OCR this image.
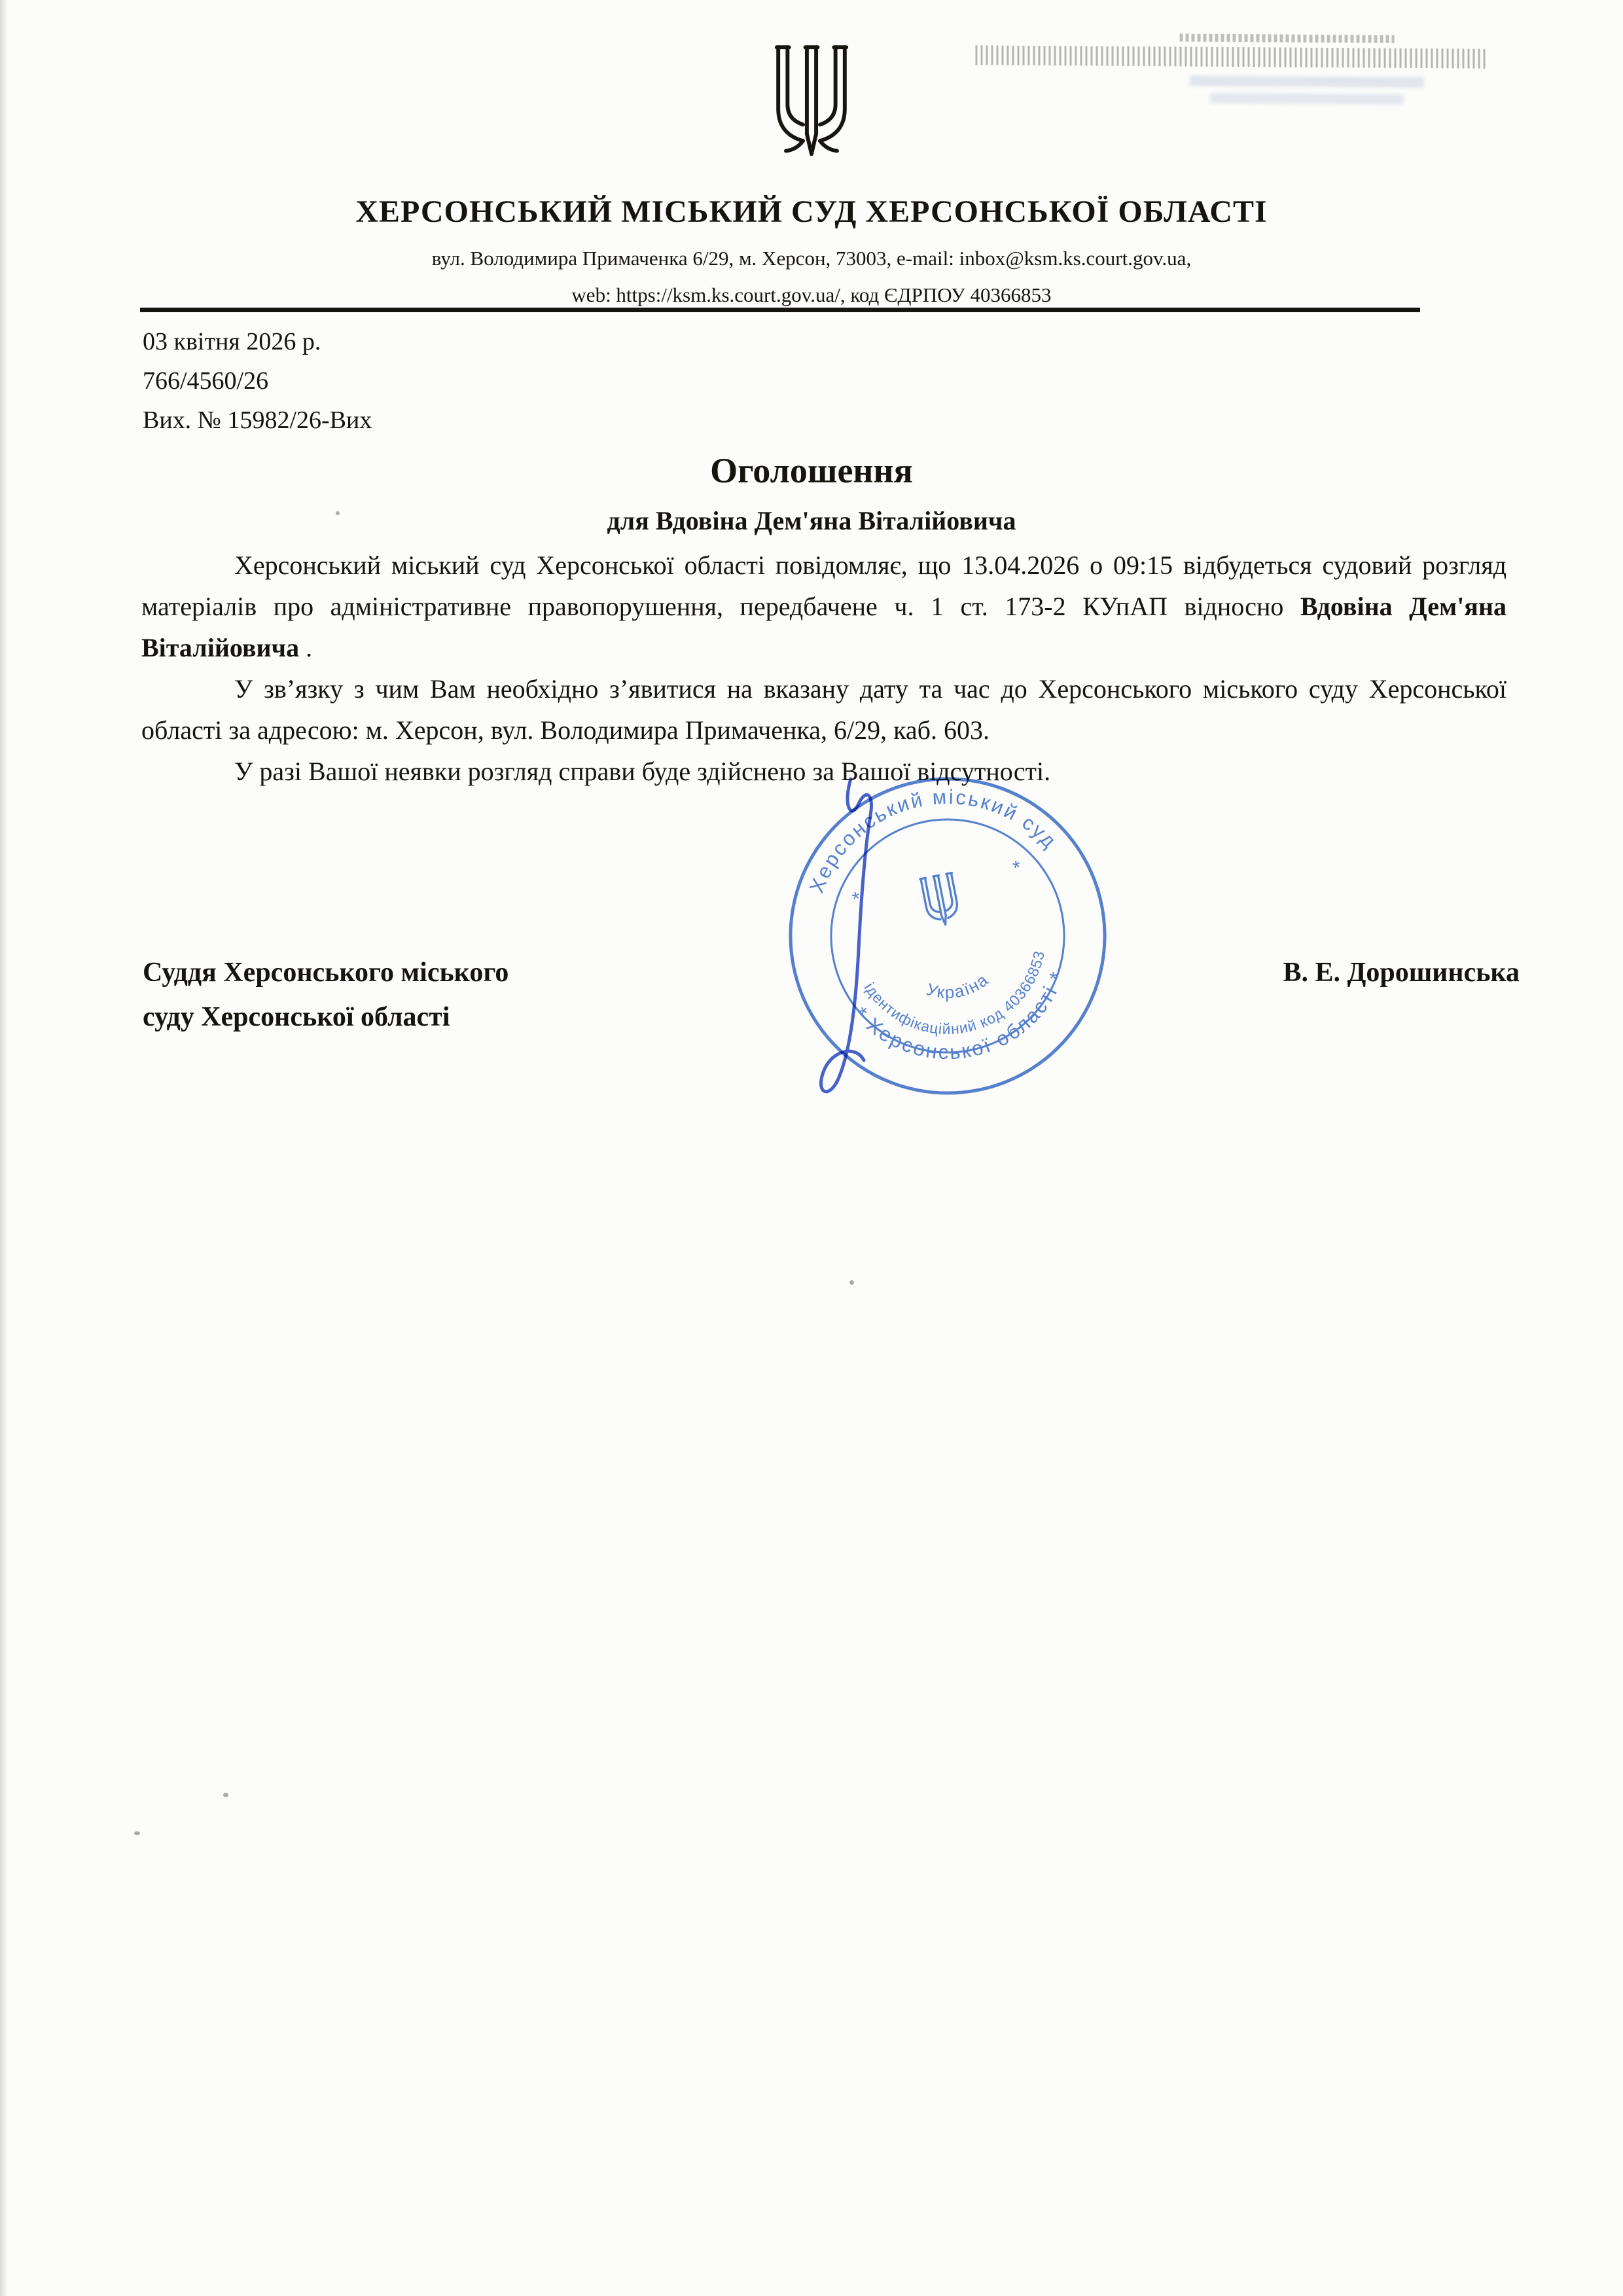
ХЕРСОНСЬКИЙ МІСЬКИЙ СУД ХЕРСОНСЬКОЇ ОБЛАСТІ
вул. Володимира Примаченка 6/29, м. Херсон, 73003, e-mail: inbox@ksm.ks.court.gov.ua,
web: https://ksm.ks.court.gov.ua/, код ЄДРПОУ 40366853
03 квітня 2026 р.
766/4560/26
Вих. № 15982/26-Вих
Оголошення
для Вдовіна Дем'яна Віталійовича

Херсонський міський суд Херсонської області повідомляє, що 13.04.2026 о 09:15 відбудеться судовий розгляд матеріалів про адміністративне правопорушення, передбачене ч. 1 ст. 173-2 КУпАП відносно Вдовіна Дем'яна Віталійовича .

У зв’язку з чим Вам необхідно з’явитися на вказану дату та час до Херсонського міського суду Херсонської області за адресою: м. Херсон, вул. Володимира Примаченка, 6/29, каб. 603.

У разі Вашої неявки розгляд справи буде здійснено за Вашої відсутності.

Суддя Херсонського міського
суду Херсонської області
В. Е. Дорошинська
Херсонський міський суд
* Херсонської області *
ідентифікаційний код 40366853
Україна
*
*
